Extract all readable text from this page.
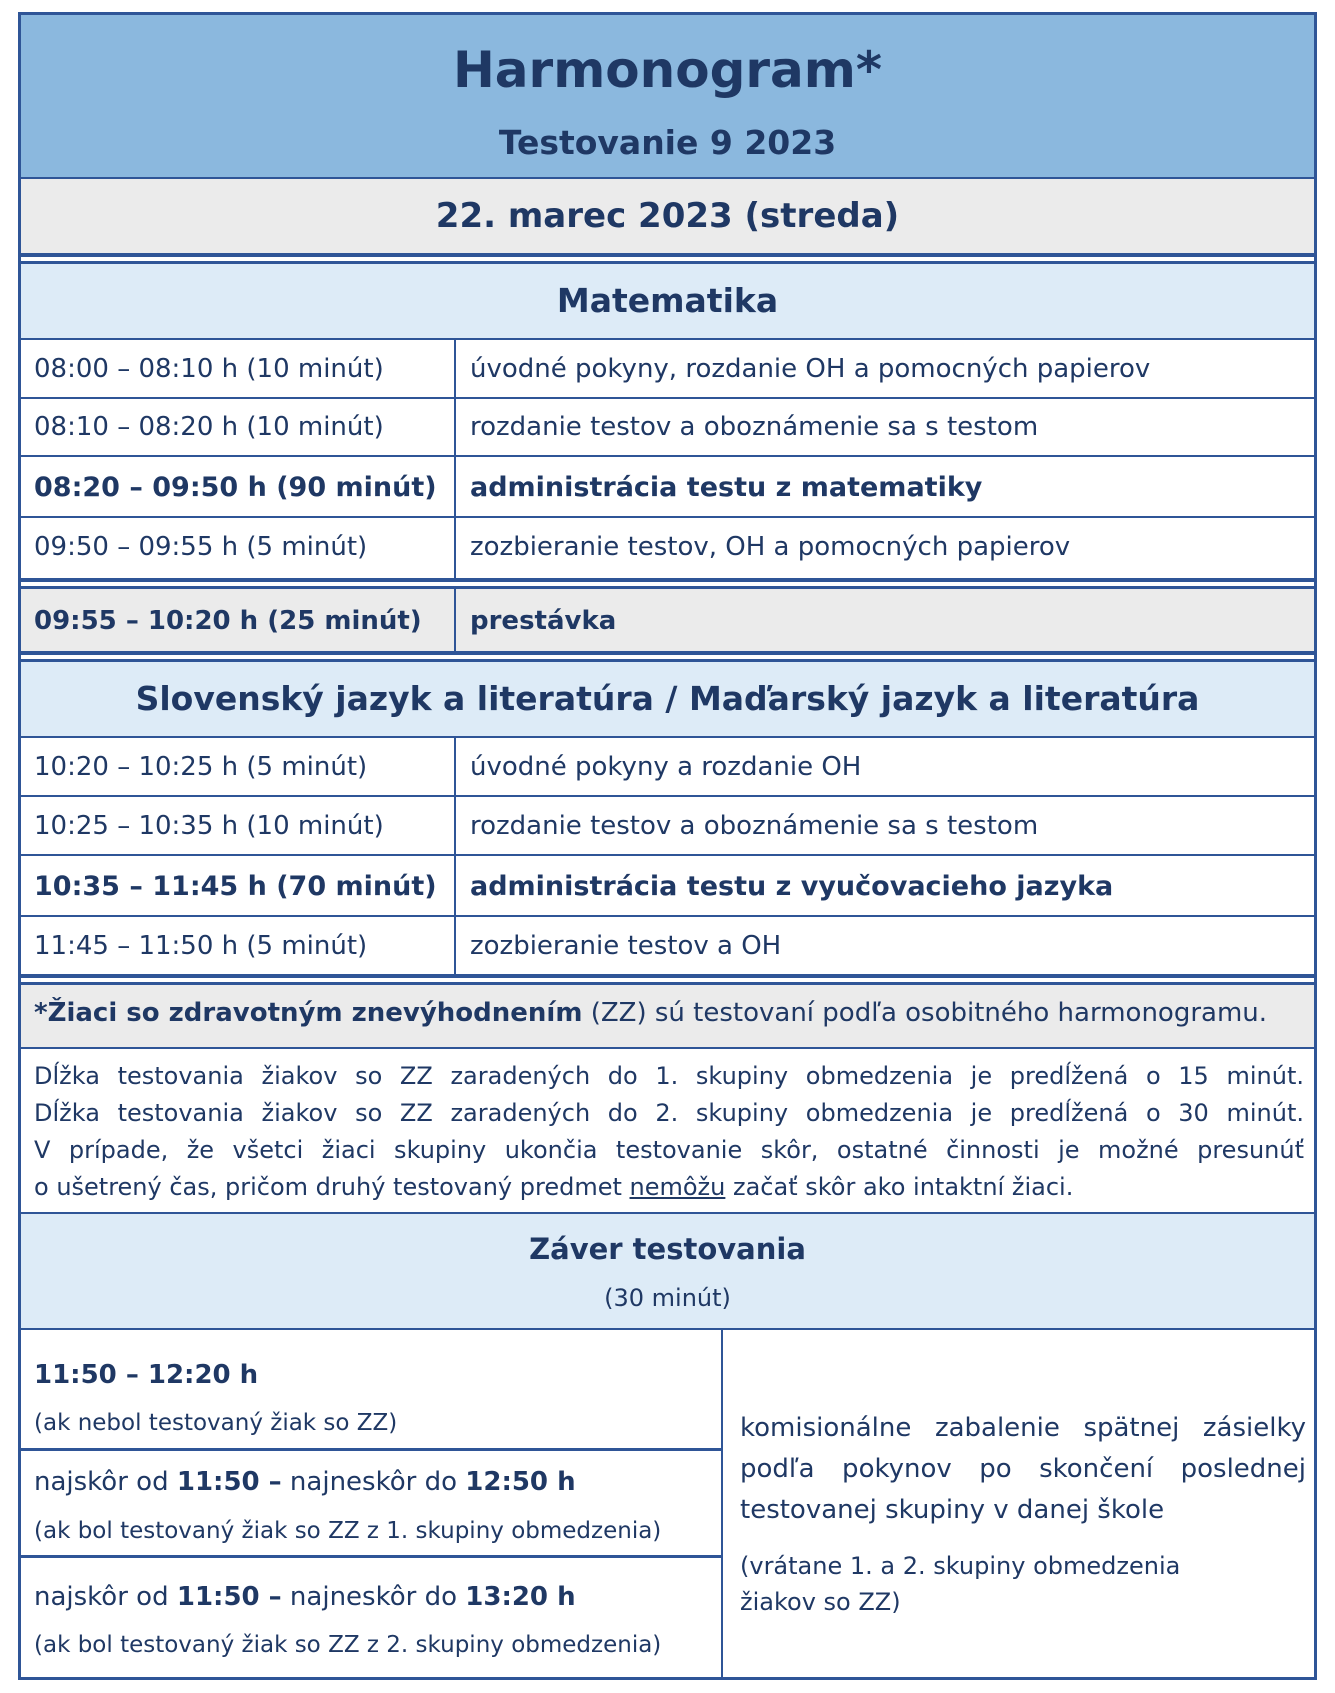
Harmonogram*
Testovanie 9 2023
22. marec 2023 (streda)
Matematika
08:00 – 08:10 h (10 minút)	úvodné pokyny, rozdanie OH a pomocných papierov
08:10 – 08:20 h (10 minút)	rozdanie testov a oboznámenie sa s testom
08:20 – 09:50 h (90 minút) administrácia testu z matematiky
09:50 – 09:55 h (5 minút)	zozbieranie testov, OH a pomocných papierov
09:55 – 10:20 h (25 minút) prestávka
Slovenský jazyk a literatúra / Maďarský jazyk a literatúra
10:20 – 10:25 h (5 minút)	úvodné pokyny a rozdanie OH
10:25 – 10:35 h (10 minút)	rozdanie testov a oboznámenie sa s testom
10:35 – 11:45 h (70 minút) administrácia testu z vyučovacieho jazyka
11:45 – 11:50 h (5 minút)	zozbieranie testov a OH
*Žiaci so zdravotným znevýhodnením (ZZ) sú testovaní podľa osobitného harmonogramu.
Dĺžka testovania žiakov so ZZ zaradených do 1. skupiny obmedzenia je predĺžená o 15 minút.
Dĺžka testovania žiakov so ZZ zaradených do 2. skupiny obmedzenia je predĺžená o 30 minút.
V prípade, že všetci žiaci skupiny ukončia testovanie skôr, ostatné činnosti je možné presunúť
o ušetrený čas, pričom druhý testovaný predmet nemôžu začať skôr ako intaktní žiaci.
Záver testovania
(30 minút)
11:50 – 12:20 h
(ak nebol testovaný žiak so ZZ)
najskôr od 11:50 – najneskôr do 12:50 h
(ak bol testovaný žiak so ZZ z 1. skupiny obmedzenia)
najskôr od 11:50 – najneskôr do 13:20 h
(ak bol testovaný žiak so ZZ z 2. skupiny obmedzenia)
komisionálne zabalenie spätnej zásielky
podľa pokynov po skončení poslednej
testovanej skupiny v danej škole
(vrátane 1. a 2. skupiny obmedzenia
žiakov so ZZ)
